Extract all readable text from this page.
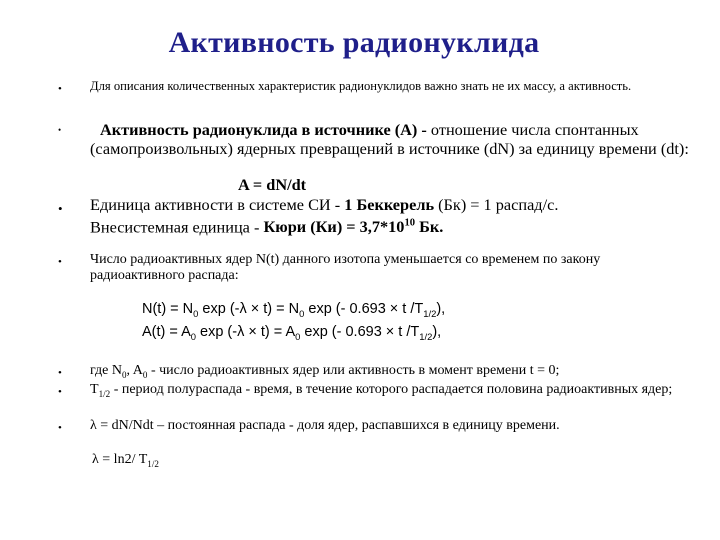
Активность радионуклида
• Для описания количественных характеристик радионуклидов важно знать не их массу, а активность.
•	Активность радионуклида в источнике (А) - отношение числа спонтанных (самопроизвольных) ядерных превращений в источнике (dN) за единицу времени (dt):
A = dN/dt
• Единица активности в системе СИ - 1 Беккерель (Бк) = 1 распад/с.
Внесистемная единица - Кюри $(Ки) = 3,7*10^{10}$ Бк.
• Число радиоактивных ядер N(t) данного изотопа уменьшается со временем по закону радиоактивного распада:
$N(t) = N_0$ $\exp (-\lambda \times t) = N_0$ exp (- 0.693 × t $/T_{1/2}$),
$A(t) = A_0$ $\exp (-\lambda \times t) = A_0$ exp (- 0.693 × t $/T_{1/2}$),
• где $N_0$, $A_0$ - число радиоактивных ядер или активность в момент времени t = 0;
• $T_{1/2}$ - период полураспада - время, в течение которого распадается половина радиоактивных ядер;
• λ = dN/Ndt – постоянная распада - доля ядер, распавшихся в единицу времени.
λ = ln2/ $T_{1/2}$
